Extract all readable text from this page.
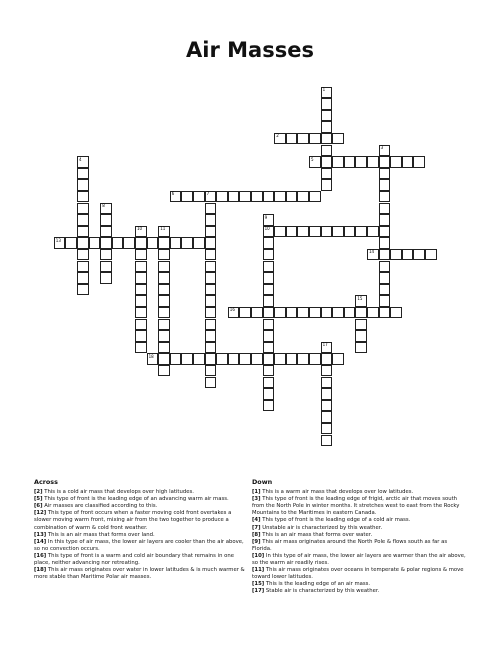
Air Masses
1
2
3
4	5
6	7
8
9
10
10	11
13
14
15
16
17
18
Across

[2] This is a cold air mass that develops over high latitudes.

[5] This type of front is the leading edge of an advancing warm air mass.

[6] Air masses are classified according to this.

[12] This type of front occurs when a faster moving cold front overtakes a slower moving warm front, mixing air from the two together to produce a combination of warm & cold front weather.

[13] This is an air mass that forms over land.

[14] In this type of air mass, the lower air layers are cooler than the air above, so no convection occurs.

[16] This type of front is a warm and cold air boundary that remains in one place, neither advancing nor retreating.

[18] This air mass originates over water in lower latitudes & is much warmer & more stable than Maritime Polar air masses.

Down

[1] This is a warm air mass that develops over low latitudes.

[3] This type of front is the leading edge of frigid, arctic air that moves south from the North Pole in winter months. It stretches west to east from the Rocky Mountains to the Maritimes in eastern Canada.

[4] This type of front is the leading edge of a cold air mass.

[7] Unstable air is characterized by this weather.

[8] This is an air mass that forms over water.

[9] This air mass originates around the North Pole & flows south as far as Florida.

[10] In this type of air mass, the lower air layers are warmer than the air above, so the warm air readily rises.

[11] This air mass originates over oceans in temperate & polar regions & move toward lower latitudes.

[15] This is the leading edge of an air mass.

[17] Stable air is characterized by this weather.
